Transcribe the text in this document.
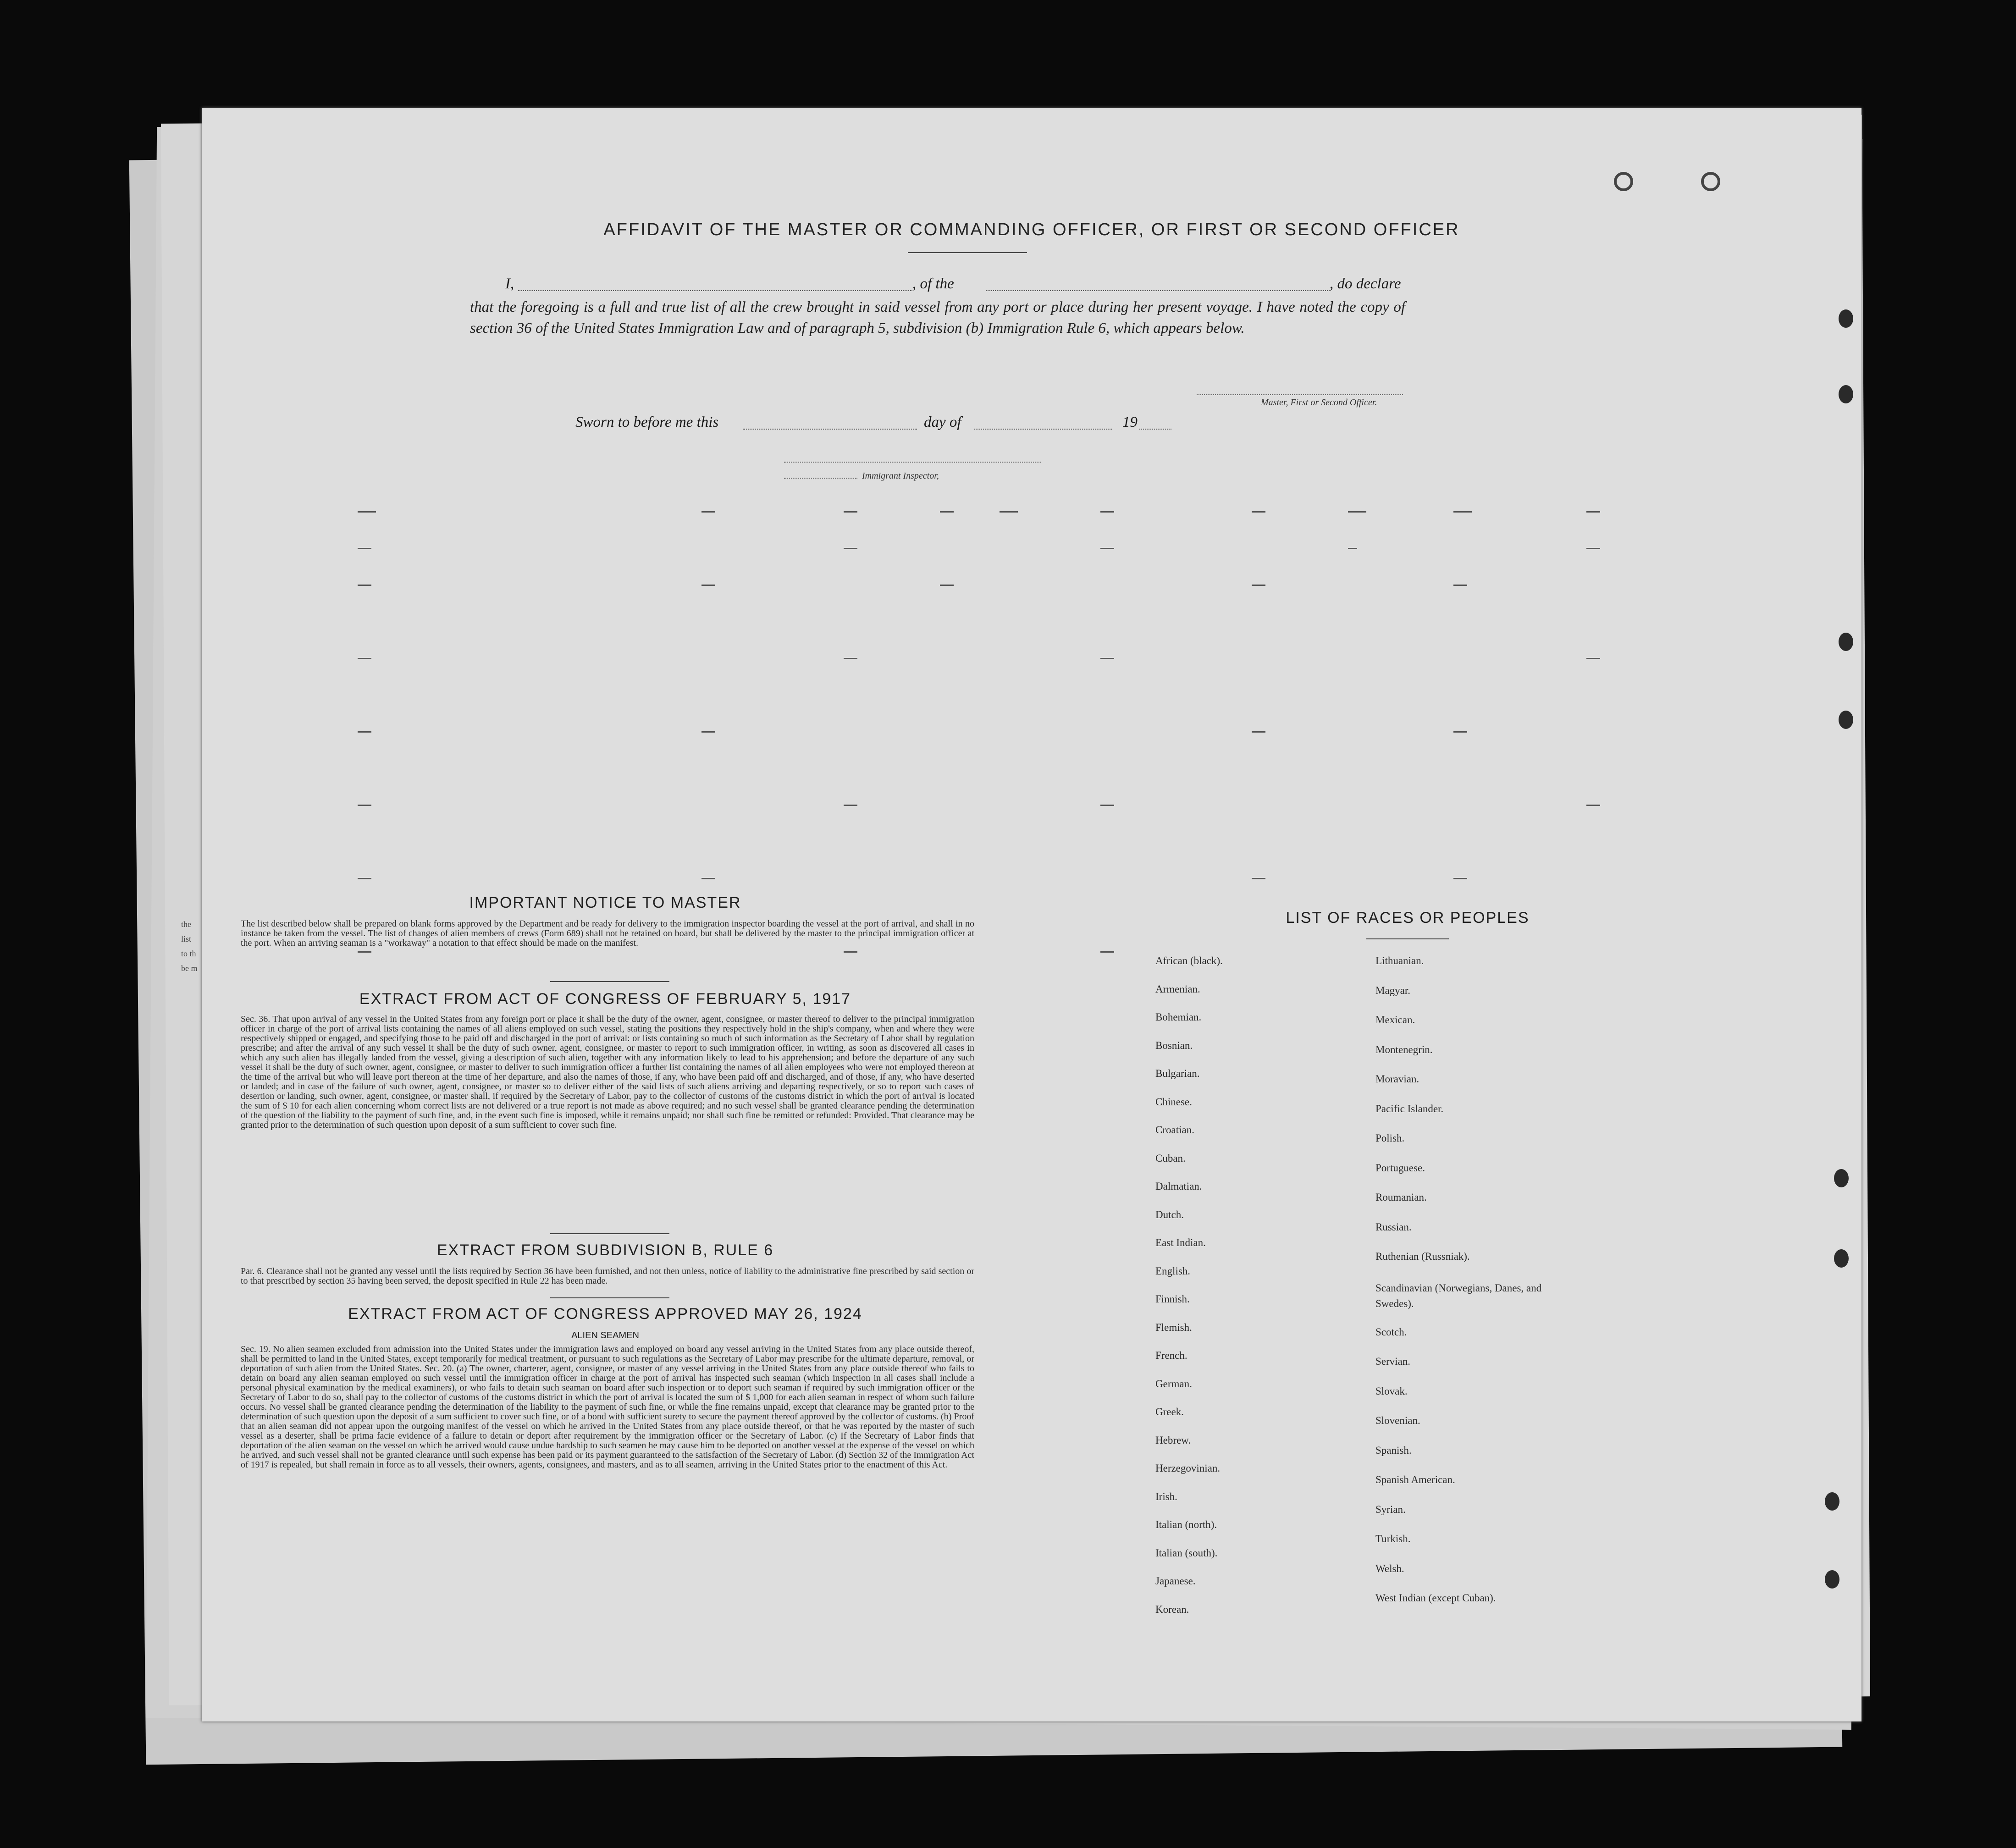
the
list
to th
be m
AFFIDAVIT OF THE MASTER OR COMMANDING OFFICER, OR FIRST OR SECOND OFFICER
I,	, of the	, do declare
that the foregoing is a full and true list of all the crew brought in said vessel from any port or place during her present voyage. I have noted the copy of section 36 of the United States Immigration Law and of paragraph 5, subdivision (b) Immigration Rule 6, which appears below.
Master, First or Second Officer.
Sworn to before me this	day of	19
Immigrant Inspector,
IMPORTANT NOTICE TO MASTER
The list described below shall be prepared on blank forms approved by the Department and be ready for delivery to the immigration inspector boarding the vessel at the port of arrival, and shall in no instance be taken from the vessel. The list of changes of alien members of crews (Form 689) shall not be retained on board, but shall be delivered by the master to the principal immigration officer at the port. When an arriving seaman is a "workaway" a notation to that effect should be made on the manifest.
EXTRACT FROM ACT OF CONGRESS OF FEBRUARY 5, 1917
Sec. 36. That upon arrival of any vessel in the United States from any foreign port or place it shall be the duty of the owner, agent, consignee, or master thereof to deliver to the principal immigration officer in charge of the port of arrival lists containing the names of all aliens employed on such vessel, stating the positions they respectively hold in the ship's company, when and where they were respectively shipped or engaged, and specifying those to be paid off and discharged in the port of arrival: or lists containing so much of such information as the Secretary of Labor shall by regulation prescribe; and after the arrival of any such vessel it shall be the duty of such owner, agent, consignee, or master to report to such immigration officer, in writing, as soon as discovered all cases in which any such alien has illegally landed from the vessel, giving a description of such alien, together with any information likely to lead to his apprehension; and before the departure of any such vessel it shall be the duty of such owner, agent, consignee, or master to deliver to such immigration officer a further list containing the names of all alien employees who were not employed thereon at the time of the arrival but who will leave port thereon at the time of her departure, and also the names of those, if any, who have been paid off and discharged, and of those, if any, who have deserted or landed; and in case of the failure of such owner, agent, consignee, or master so to deliver either of the said lists of such aliens arriving and departing respectively, or so to report such cases of desertion or landing, such owner, agent, consignee, or master shall, if required by the Secretary of Labor, pay to the collector of customs of the customs district in which the port of arrival is located the sum of $ 10 for each alien concerning whom correct lists are not delivered or a true report is not made as above required; and no such vessel shall be granted clearance pending the determination of the question of the liability to the payment of such fine, and, in the event such fine is imposed, while it remains unpaid; nor shall such fine be remitted or refunded: Provided. That clearance may be granted prior to the determination of such question upon deposit of a sum sufficient to cover such fine.
EXTRACT FROM SUBDIVISION B, RULE 6
Par. 6. Clearance shall not be granted any vessel until the lists required by Section 36 have been furnished, and not then unless, notice of liability to the administrative fine prescribed by said section or to that prescribed by section 35 having been served, the deposit specified in Rule 22 has been made.
EXTRACT FROM ACT OF CONGRESS APPROVED MAY 26, 1924
ALIEN SEAMEN
Sec. 19. No alien seamen excluded from admission into the United States under the immigration laws and employed on board any vessel arriving in the United States from any place outside thereof, shall be permitted to land in the United States, except temporarily for medical treatment, or pursuant to such regulations as the Secretary of Labor may prescribe for the ultimate departure, removal, or deportation of such alien from the United States. Sec. 20. (a) The owner, charterer, agent, consignee, or master of any vessel arriving in the United States from any place outside thereof who fails to detain on board any alien seaman employed on such vessel until the immigration officer in charge at the port of arrival has inspected such seaman (which inspection in all cases shall include a personal physical examination by the medical examiners), or who fails to detain such seaman on board after such inspection or to deport such seaman if required by such immigration officer or the Secretary of Labor to do so, shall pay to the collector of customs of the customs district in which the port of arrival is located the sum of $ 1,000 for each alien seaman in respect of whom such failure occurs. No vessel shall be granted clearance pending the determination of the liability to the payment of such fine, or while the fine remains unpaid, except that clearance may be granted prior to the determination of such question upon the deposit of a sum sufficient to cover such fine, or of a bond with sufficient surety to secure the payment thereof approved by the collector of customs. (b) Proof that an alien seaman did not appear upon the outgoing manifest of the vessel on which he arrived in the United States from any place outside thereof, or that he was reported by the master of such vessel as a deserter, shall be prima facie evidence of a failure to detain or deport after requirement by the immigration officer or the Secretary of Labor. (c) If the Secretary of Labor finds that deportation of the alien seaman on the vessel on which he arrived would cause undue hardship to such seamen he may cause him to be deported on another vessel at the expense of the vessel on which he arrived, and such vessel shall not be granted clearance until such expense has been paid or its payment guaranteed to the satisfaction of the Secretary of Labor. (d) Section 32 of the Immigration Act of 1917 is repealed, but shall remain in force as to all vessels, their owners, agents, consignees, and masters, and as to all seamen, arriving in the United States prior to the enactment of this Act.
LIST OF RACES OR PEOPLES
African (black).
Armenian.
Bohemian.
Bosnian.
Bulgarian.
Chinese.
Croatian.
Cuban.
Dalmatian.
Dutch.
East Indian.
English.
Finnish.
Flemish.
French.
German.
Greek.
Hebrew.
Herzegovinian.
Irish.
Italian (north).
Italian (south).
Japanese.
Korean.
Lithuanian.
Magyar.
Mexican.
Montenegrin.
Moravian.
Pacific Islander.
Polish.
Portuguese.
Roumanian.
Russian.
Ruthenian (Russniak).
Scandinavian (Norwegians, Danes, and Swedes).
Scotch.
Servian.
Slovak.
Slovenian.
Spanish.
Spanish American.
Syrian.
Turkish.
Welsh.
West Indian (except Cuban).
